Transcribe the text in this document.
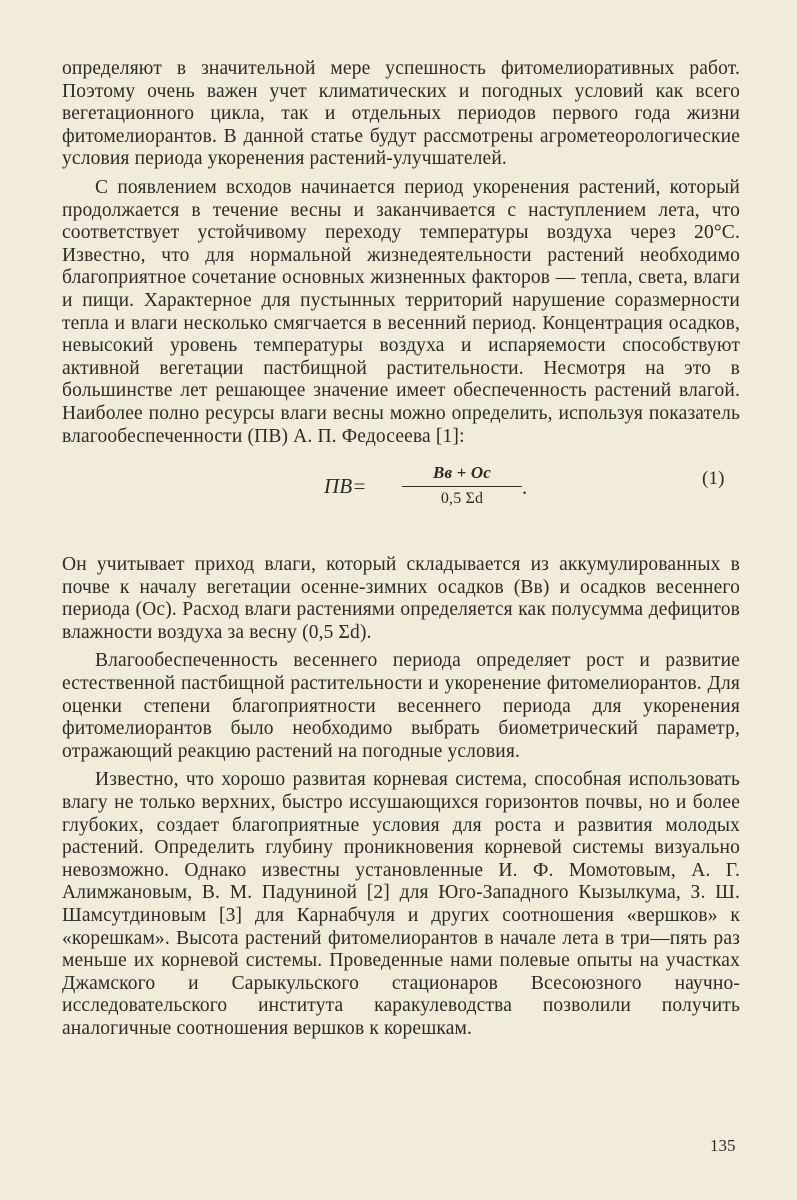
определяют в значительной мере успешность фитомелиоративных работ. Поэтому очень важен учет климатических и погодных условий как всего вегетационного цикла, так и отдельных периодов первого года жизни фитомелиорантов. В данной статье будут рассмотрены агрометеорологические условия периода укоренения растений-улучшателей.

С появлением всходов начинается период укоренения растений, который продолжается в течение весны и заканчивается с наступлением лета, что соответствует устойчивому переходу температуры воздуха через 20°С. Известно, что для нормальной жизнедеятельности растений необходимо благоприятное сочетание основных жизненных факторов — тепла, света, влаги и пищи. Характерное для пустынных территорий нарушение соразмерности тепла и влаги несколько смягчается в весенний период. Концентрация осадков, невысокий уровень температуры воздуха и испаряемости способствуют активной вегетации пастбищной растительности. Несмотря на это в большинстве лет решающее значение имеет обеспеченность растений влагой. Наиболее полно ресурсы влаги весны можно определить, используя показатель влагообеспеченности (ПВ) А. П. Федосеева [1]:

ПВ=
Вв + Ос
0,5 Σd	.	(1)

Он учитывает приход влаги, который складывается из аккумулированных в почве к началу вегетации осенне-зимних осадков (Вв) и осадков весеннего периода (Ос). Расход влаги растениями определяется как полусумма дефицитов влажности воздуха за весну (0,5 Σd).

Влагообеспеченность весеннего периода определяет рост и развитие естественной пастбищной растительности и укоренение фитомелиорантов. Для оценки степени благоприятности весеннего периода для укоренения фитомелиорантов было необходимо выбрать биометрический параметр, отражающий реакцию растений на погодные условия.

Известно, что хорошо развитая корневая система, способная использовать влагу не только верхних, быстро иссушающихся горизонтов почвы, но и более глубоких, создает благоприятные условия для роста и развития молодых растений. Определить глубину проникновения корневой системы визуально невозможно. Однако известны установленные И. Ф. Момотовым, А. Г. Алимжановым, В. М. Падуниной [2] для Юго-Западного Кызылкума, З. Ш. Шамсутдиновым [3] для Карнабчуля и других соотношения «вершков» к «корешкам». Высота растений фитомелиорантов в начале лета в три—пять раз меньше их корневой системы. Проведенные нами полевые опыты на участках Джамского и Сарыкульского стационаров Всесоюзного научно-исследовательского института каракулеводства позволили получить аналогичные соотношения вершков к корешкам.

135
